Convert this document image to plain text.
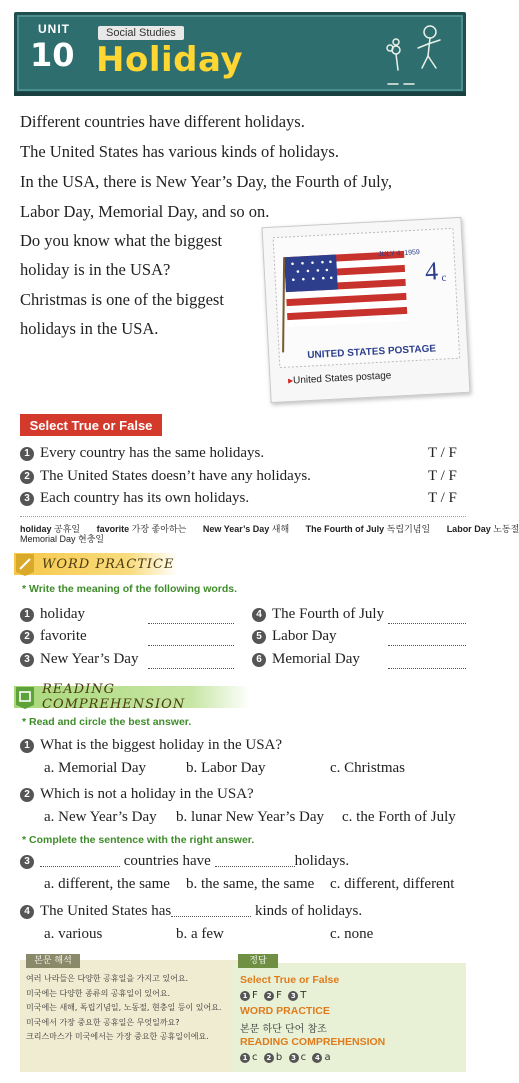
UNIT
10
Social Studies
Holiday
Different countries have different holidays.
The United States has various kinds of holidays.
In the USA, there is New Year’s Day, the Fourth of July,
Labor Day, Memorial Day, and so on.
Do you know what the biggest
holiday is in the USA?
Christmas is one of the biggest
holidays in the USA.
JULY 4, 1959
4 c
UNITED STATES POSTAGE
▸United States postage
Select True or False
1 Every country has the same holidays.	T / F
2 The United States doesn’t have any holidays.	T / F
3 Each country has its own holidays.	T / F
holiday 공휴일 favorite 가장 좋아하는 New Year’s Day 새해 The Fourth of July 독립기념일 Labor Day 노동절
Memorial Day 현충일
WORD PRACTICE
* Write the meaning of the following words.
1 holiday
2 favorite
3 New Year’s Day
4 The Fourth of July
5 Labor Day
6 Memorial Day
READING COMPREHENSION
* Read and circle the best answer.
1 What is the biggest holiday in the USA?
a. Memorial Day	b. Labor Day	c. Christmas
2 Which is not a holiday in the USA?
a. New Year’s Day b. lunar New Year’s Day c. the Forth of July
* Complete the sentence with the right answer.
3	countries have	holidays.
a. different, the same b. the same, the same c. different, different
4 The United States has	kinds of holidays.
a. various	b. a few	c. none
본문 해석
여러 나라들은 다양한 공휴일을 가지고 있어요.
미국에는 다양한 종류의 공휴일이 있어요.
미국에는 새해, 독립기념일, 노동절, 현충일 등이 있어요.
미국에서 가장 중요한 공휴일은 무엇일까요?
크리스마스가 미국에서는 가장 중요한 공휴일이에요.
정답
Select True or False
1 F 2 F 3 T
WORD PRACTICE
본문 하단 단어 참조
READING COMPREHENSION
1 c 2 b 3 c 4 a
